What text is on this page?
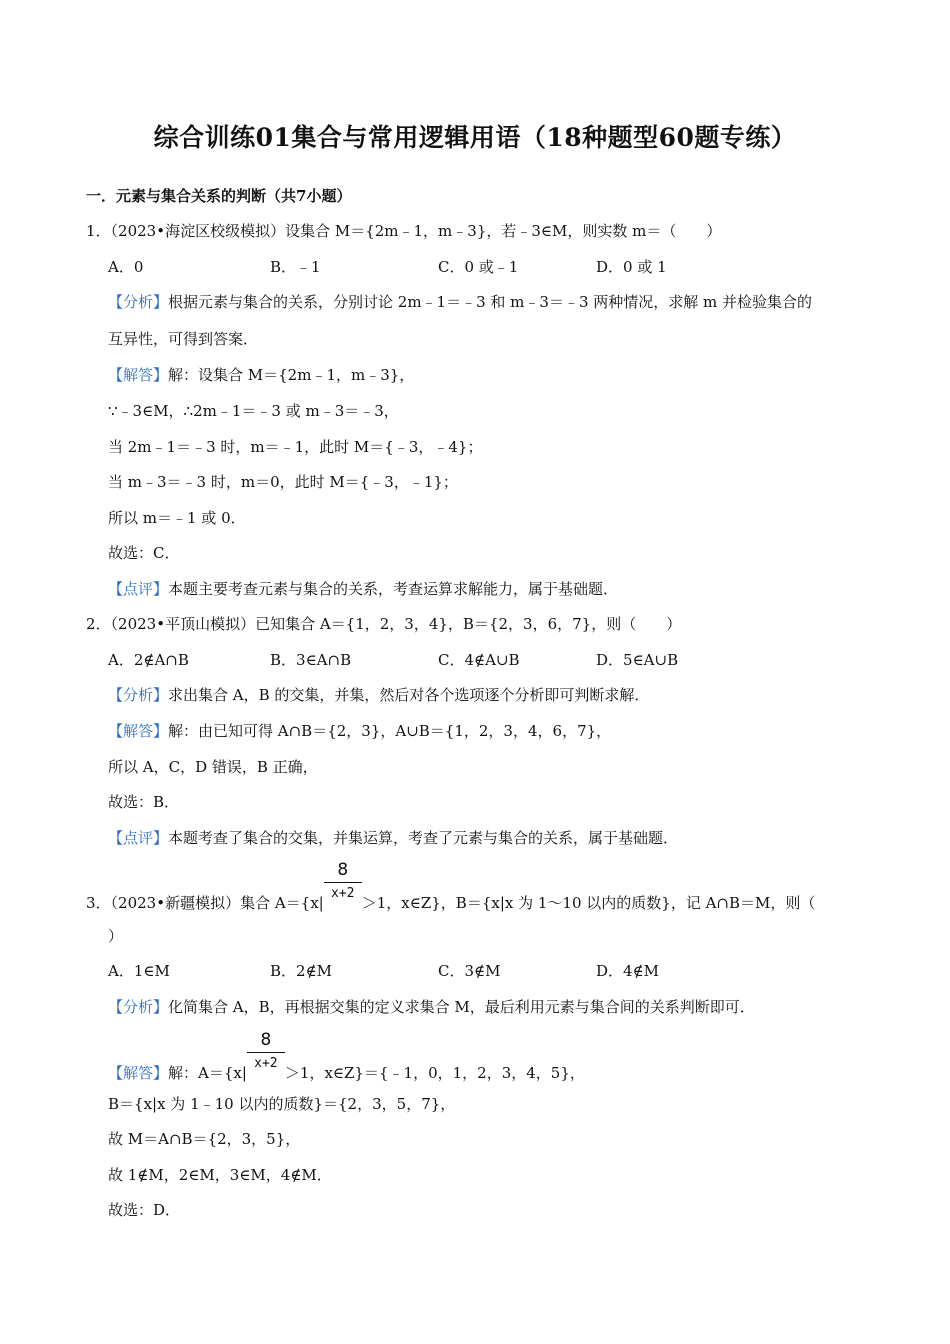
综合训练01集合与常用逻辑用语（18种题型60题专练）
一．元素与集合关系的判断（共7小题）
1．（2023•海淀区校级模拟）设集合 M＝{2m﹣1，m﹣3}，若﹣3∈M，则实数 m＝（　　）
A．0	B．﹣1	C．0 或﹣1	D．0 或 1
【分析】根据元素与集合的关系，分别讨论 2m﹣1＝﹣3 和 m﹣3＝﹣3 两种情况，求解 m 并检验集合的
互异性，可得到答案．
【解答】解：设集合 M＝{2m﹣1，m﹣3}，
∵﹣3∈M，∴2m﹣1＝﹣3 或 m﹣3＝﹣3，
当 2m﹣1＝﹣3 时，m＝﹣1，此时 M＝{﹣3，﹣4}；
当 m﹣3＝﹣3 时，m＝0，此时 M＝{﹣3，﹣1}；
所以 m＝﹣1 或 0．
故选：C．
【点评】本题主要考查元素与集合的关系，考查运算求解能力，属于基础题．
2．（2023•平顶山模拟）已知集合 A＝{1，2，3，4}，B＝{2，3，6，7}，则（　　）
A．2∉A∩B	B．3∈A∩B	C．4∉A∪B	D．5∈A∪B
【分析】求出集合 A，B 的交集，并集，然后对各个选项逐个分析即可判断求解．
【解答】解：由已知可得 A∩B＝{2，3}，A∪B＝{1，2，3，4，6，7}，
所以 A，C，D 错误，B 正确，
故选：B．
【点评】本题考查了集合的交集，并集运算，考查了元素与集合的关系，属于基础题．
3．（2023•新疆模拟）集合 $A=\{x| \frac{8}{x+2} >1$，x∈Z}，B＝{x|x 为 1～10 以内的质数}，记 A∩B＝M，则（
）
A．1∈M	B．2∉M	C．3∉M	D．4∉M
【分析】化简集合 A，B，再根据交集的定义求集合 M，最后利用元素与集合间的关系判断即可．
【解答】解：$A=\{x| \frac{8}{x+2} >1$，x∈Z}＝{﹣1，0，1，2，3，4，5}，
B＝{x|x 为 1﹣10 以内的质数}＝{2，3，5，7}，
故 M＝A∩B＝{2，3，5}，
故 1∉M，2∈M，3∈M，4∉M．
故选：D．
